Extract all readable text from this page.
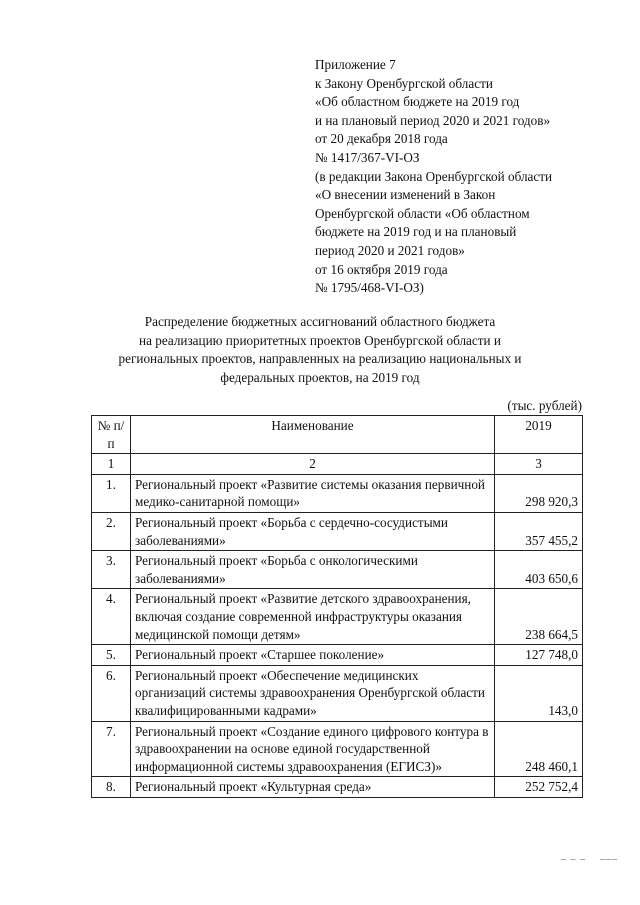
Приложение 7
к Закону Оренбургской области
«Об областном бюджете на 2019 год
и на плановый период 2020 и 2021 годов»
от 20 декабря 2018 года
№ 1417/367-VI-ОЗ
(в редакции Закона Оренбургской области
«О внесении изменений в Закон
Оренбургской области «Об областном
бюджете на 2019 год и на плановый
период 2020 и 2021 годов»
от 16 октября 2019 года
№ 1795/468-VI-ОЗ)
Распределение бюджетных ассигнований областного бюджета
на реализацию приоритетных проектов Оренбургской области и
региональных проектов, направленных на реализацию национальных и
федеральных проектов, на 2019 год
(тыс. рублей)
№ п/п	Наименование	2019
1	2	3
1.	Региональный проект «Развитие системы оказания первичной медико-санитарной помощи»	298 920,3
2.	Региональный проект «Борьба с сердечно-сосудистыми заболеваниями»	357 455,2
3.	Региональный проект «Борьба с онкологическими заболеваниями»	403 650,6
4.	Региональный проект «Развитие детского здравоохранения, включая создание современной инфраструктуры оказания медицинской помощи детям»	238 664,5
5.	Региональный проект «Старшее поколение»	127 748,0
6.	Региональный проект «Обеспечение медицинских организаций системы здравоохранения Оренбургской области квалифицированными кадрами»	143,0
7.	Региональный проект «Создание единого цифрового контура в здравоохранении на основе единой государственной информационной системы здравоохранения (ЕГИСЗ)»	248 460,1
8.	Региональный проект «Культурная среда»	252 752,4
‒ ‒ ‒    ‒‒‒
